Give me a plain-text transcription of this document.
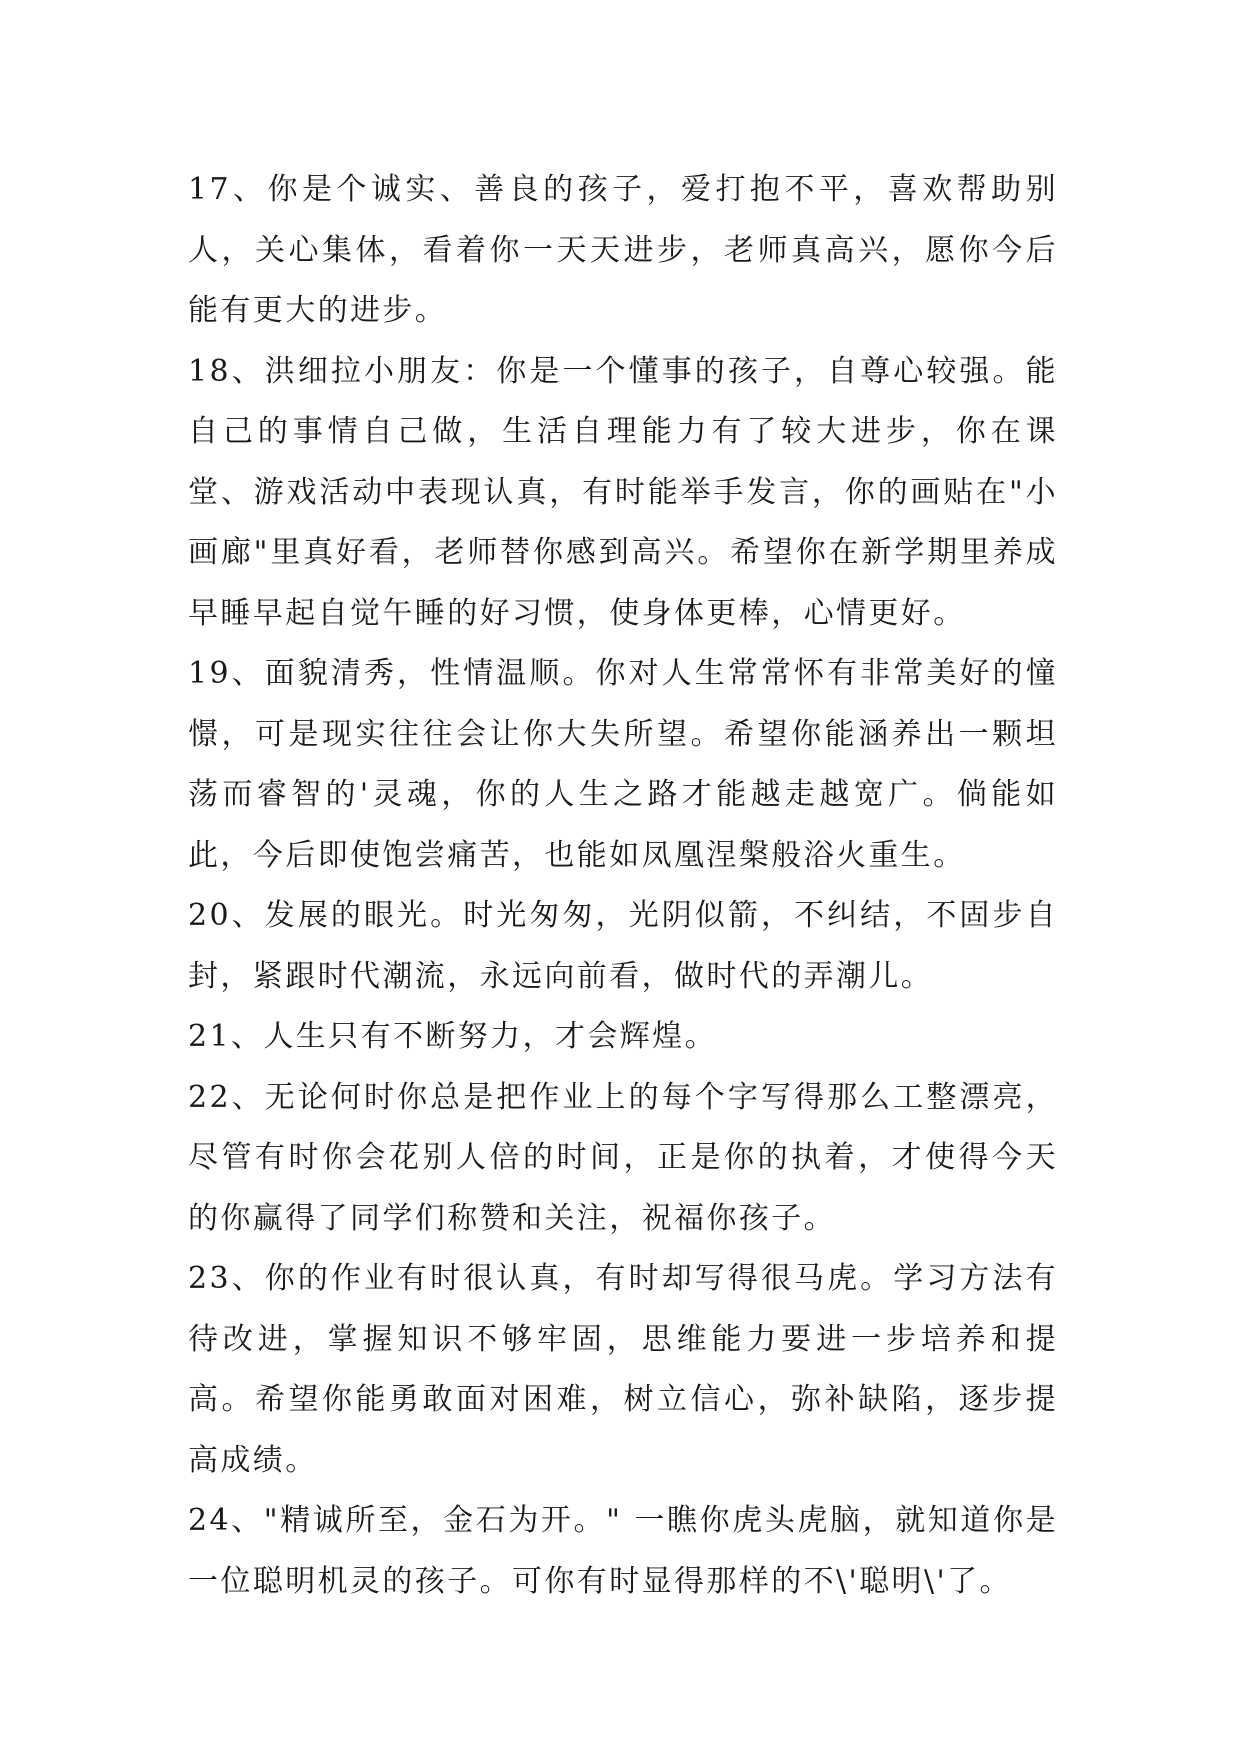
17、你是个诚实、善良的孩子，爱打抱不平，喜欢帮助别人，关心集体，看着你一天天进步，老师真高兴，愿你今后能有更大的进步。

18、洪细拉小朋友：你是一个懂事的孩子，自尊心较强。能自己的事情自己做，生活自理能力有了较大进步，你在课堂、游戏活动中表现认真，有时能举手发言，你的画贴在"小画廊"里真好看，老师替你感到高兴。希望你在新学期里养成早睡早起自觉午睡的好习惯，使身体更棒，心情更好。

19、面貌清秀，性情温顺。你对人生常常怀有非常美好的憧憬，可是现实往往会让你大失所望。希望你能涵养出一颗坦荡而睿智的'灵魂，你的人生之路才能越走越宽广。倘能如此，今后即使饱尝痛苦，也能如凤凰涅槃般浴火重生。

20、发展的眼光。时光匆匆，光阴似箭，不纠结，不固步自封，紧跟时代潮流，永远向前看，做时代的弄潮儿。

21、人生只有不断努力，才会辉煌。

22、无论何时你总是把作业上的每个字写得那么工整漂亮，尽管有时你会花别人倍的时间，正是你的执着，才使得今天的你赢得了同学们称赞和关注，祝福你孩子。

23、你的作业有时很认真，有时却写得很马虎。学习方法有待改进，掌握知识不够牢固，思维能力要进一步培养和提高。希望你能勇敢面对困难，树立信心，弥补缺陷，逐步提高成绩。

24、"精诚所至，金石为开。" 一瞧你虎头虎脑，就知道你是一位聪明机灵的孩子。可你有时显得那样的不\'聪明\'了。
